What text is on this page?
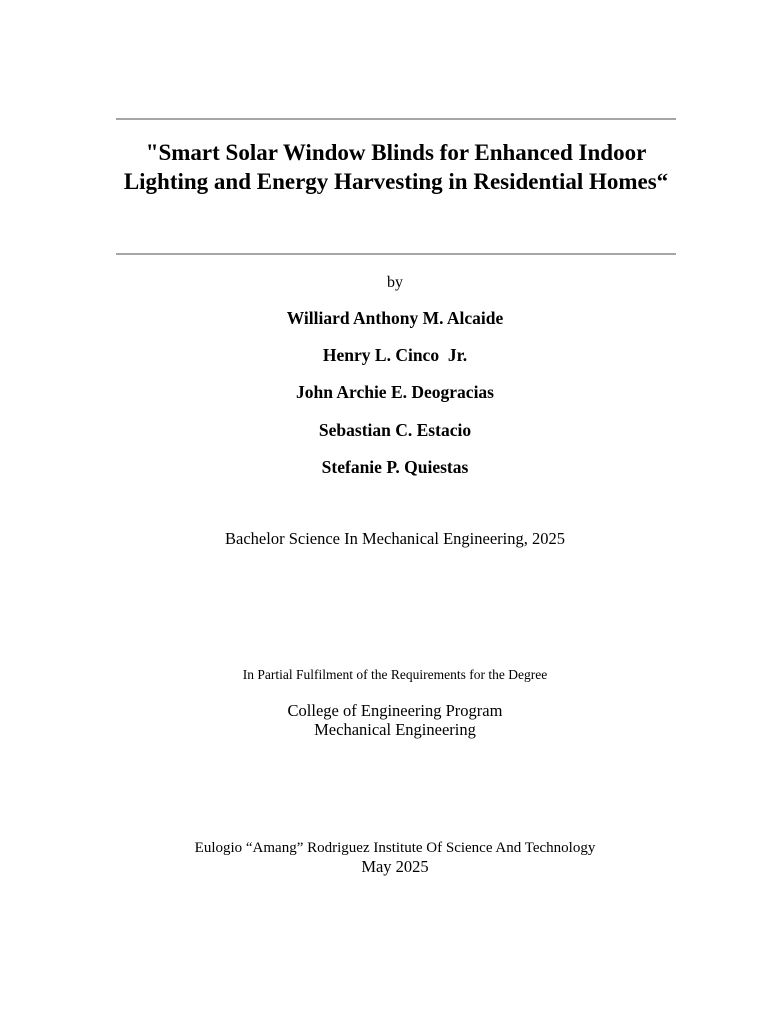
"Smart Solar Window Blinds for Enhanced Indoor Lighting and Energy Harvesting in Residential Homes“
by
Williard Anthony M. Alcaide
Henry L. Cinco  Jr.
John Archie E. Deogracias
Sebastian C. Estacio
Stefanie P. Quiestas
Bachelor Science In Mechanical Engineering, 2025
In Partial Fulfilment of the Requirements for the Degree
College of Engineering Program
Mechanical Engineering
Eulogio “Amang” Rodriguez Institute Of Science And Technology
May 2025
